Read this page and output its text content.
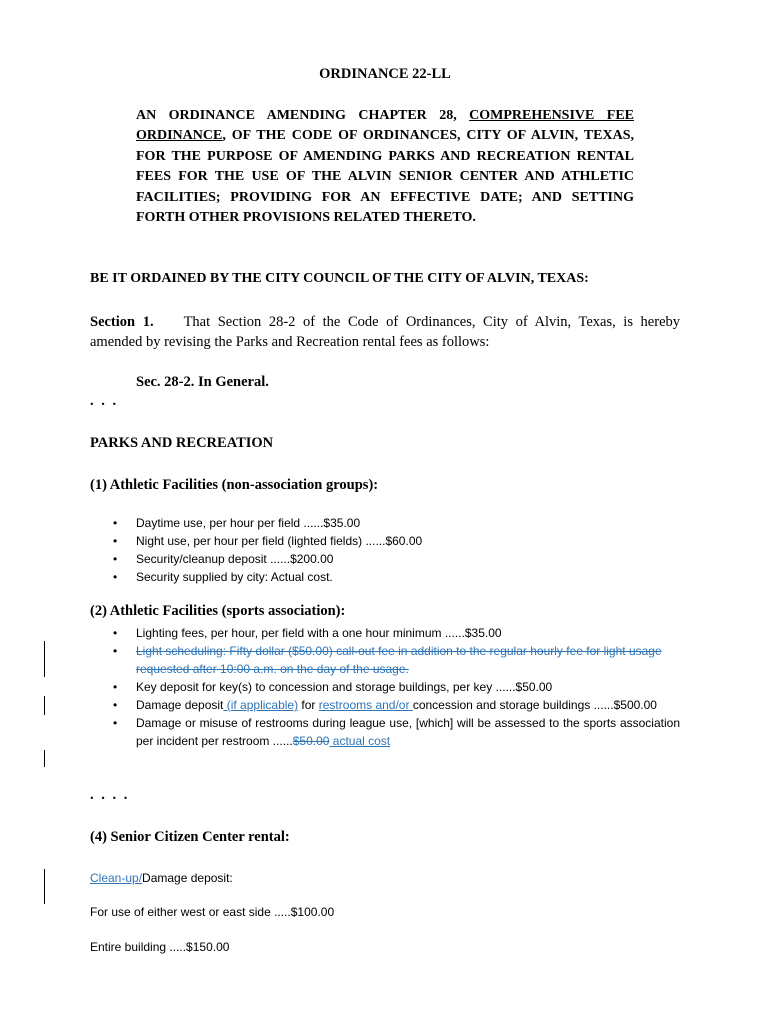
ORDINANCE 22-LL
AN ORDINANCE AMENDING CHAPTER 28, COMPREHENSIVE FEE ORDINANCE, OF THE CODE OF ORDINANCES, CITY OF ALVIN, TEXAS, FOR THE PURPOSE OF AMENDING PARKS AND RECREATION RENTAL FEES FOR THE USE OF THE ALVIN SENIOR CENTER AND ATHLETIC FACILITIES; PROVIDING FOR AN EFFECTIVE DATE; AND SETTING FORTH OTHER PROVISIONS RELATED THERETO.
BE IT ORDAINED BY THE CITY COUNCIL OF THE CITY OF ALVIN, TEXAS:
Section 1. That Section 28-2 of the Code of Ordinances, City of Alvin, Texas, is hereby amended by revising the Parks and Recreation rental fees as follows:
Sec. 28-2. In General.
. . .
PARKS AND RECREATION
(1) Athletic Facilities (non-association groups):
• Daytime use, per hour per field ......$35.00
• Night use, per hour per field (lighted fields) ......$60.00
• Security/cleanup deposit ......$200.00
• Security supplied by city: Actual cost.
(2) Athletic Facilities (sports association):
• Lighting fees, per hour, per field with a one hour minimum ......$35.00
• Light scheduling: Fifty dollar ($50.00) call-out fee in addition to the regular hourly fee for light usage requested after 10:00 a.m. on the day of the usage.
• Key deposit for key(s) to concession and storage buildings, per key ......$50.00
• Damage deposit (if applicable) for restrooms and/or concession and storage buildings ......$500.00
• Damage or misuse of restrooms during league use, [which] will be assessed to the sports association per incident per restroom ......$50.00 actual cost
. . . .
(4) Senior Citizen Center rental:
Clean-up/Damage deposit:
For use of either west or east side .....$100.00
Entire building .....$150.00
